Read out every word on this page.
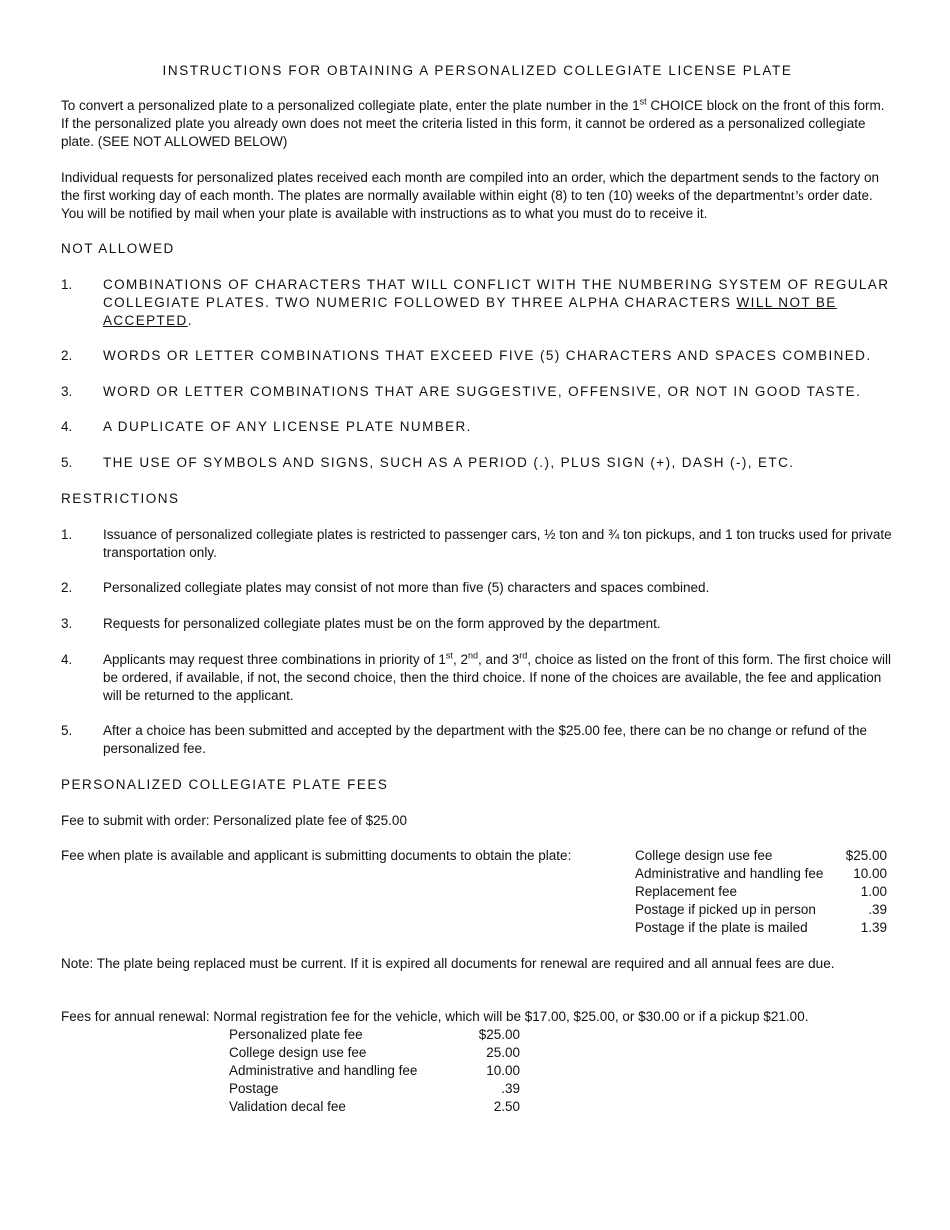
INSTRUCTIONS FOR OBTAINING A PERSONALIZED COLLEGIATE LICENSE PLATE
To convert a personalized plate to a personalized collegiate plate, enter the plate number in the 1st CHOICE block on the front of this form. If the personalized plate you already own does not meet the criteria listed in this form, it cannot be ordered as a personalized collegiate plate. (SEE NOT ALLOWED BELOW)
Individual requests for personalized plates received each month are compiled into an order, which the department sends to the factory on the first working day of each month. The plates are normally available within eight (8) to ten (10) weeks of the departmentnt’s order date. You will be notified by mail when your plate is available with instructions as to what you must do to receive it.
NOT ALLOWED
1. COMBINATIONS OF CHARACTERS THAT WILL CONFLICT WITH THE NUMBERING SYSTEM OF REGULAR COLLEGIATE PLATES. TWO NUMERIC FOLLOWED BY THREE ALPHA CHARACTERS WILL NOT BE ACCEPTED.
2. WORDS OR LETTER COMBINATIONS THAT EXCEED FIVE (5) CHARACTERS AND SPACES COMBINED.
3. WORD OR LETTER COMBINATIONS THAT ARE SUGGESTIVE, OFFENSIVE, OR NOT IN GOOD TASTE.
4. A DUPLICATE OF ANY LICENSE PLATE NUMBER.
5. THE USE OF SYMBOLS AND SIGNS, SUCH AS A PERIOD (.), PLUS SIGN (+), DASH (-), ETC.
RESTRICTIONS
1. Issuance of personalized collegiate plates is restricted to passenger cars, ½ ton and ¾ ton pickups, and 1 ton trucks used for private transportation only.
2. Personalized collegiate plates may consist of not more than five (5) characters and spaces combined.
3. Requests for personalized collegiate plates must be on the form approved by the department.
4. Applicants may request three combinations in priority of 1st, 2nd, and 3rd, choice as listed on the front of this form. The first choice will be ordered, if available, if not, the second choice, then the third choice. If none of the choices are available, the fee and application will be returned to the applicant.
5. After a choice has been submitted and accepted by the department with the $25.00 fee, there can be no change or refund of the personalized fee.
PERSONALIZED COLLEGIATE PLATE FEES
Fee to submit with order: Personalized plate fee of $25.00
Fee when plate is available and applicant is submitting documents to obtain the plate:	College design use fee	$25.00
Administrative and handling fee	10.00
Replacement fee	1.00
Postage if picked up in person	.39
Postage if the plate is mailed	1.39
Note: The plate being replaced must be current. If it is expired all documents for renewal are required and all annual fees are due.
Fees for annual renewal: Normal registration fee for the vehicle, which will be $17.00, $25.00, or $30.00 or if a pickup $21.00.
Personalized plate fee	$25.00
College design use fee	25.00
Administrative and handling fee	10.00
Postage	.39
Validation decal fee	2.50
